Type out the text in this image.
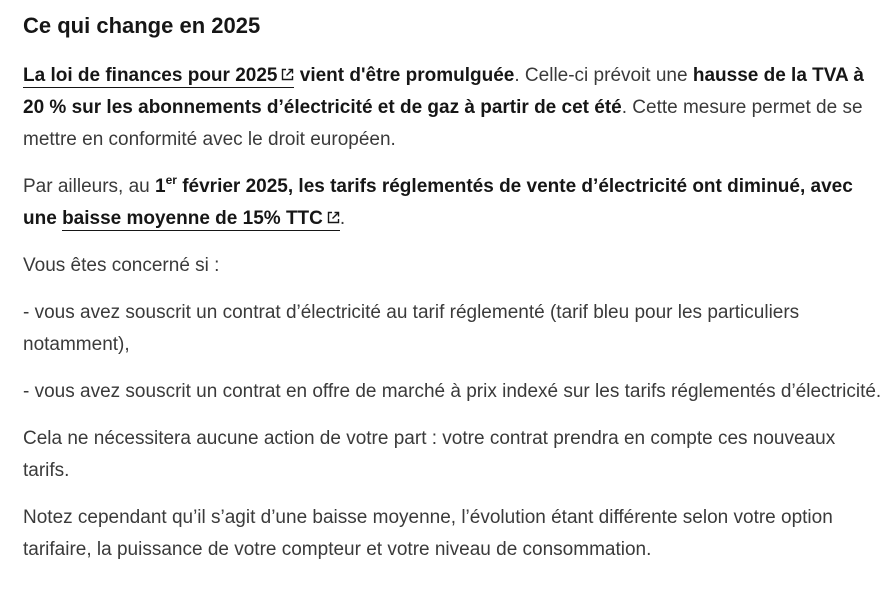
Ce qui change en 2025

La loi de finances pour 2025
vient d'être promulguée. Celle-ci prévoit une hausse de la TVA à 20 % sur les abonnements d’électricité et de gaz à partir de cet été. Cette mesure permet de se mettre en conformité avec le droit européen.

Par ailleurs, au 1er février 2025, les tarifs réglementés de vente d’électricité ont diminué, avec une baisse moyenne de 15% TTC .

Vous êtes concerné si :

- vous avez souscrit un contrat d’électricité au tarif réglementé (tarif bleu pour les particuliers notamment),

- vous avez souscrit un contrat en offre de marché à prix indexé sur les tarifs réglementés d’électricité.

Cela ne nécessitera aucune action de votre part : votre contrat prendra en compte ces nouveaux tarifs.

Notez cependant qu’il s’agit d’une baisse moyenne, l’évolution étant différente selon votre option tarifaire, la puissance de votre compteur et votre niveau de consommation.
